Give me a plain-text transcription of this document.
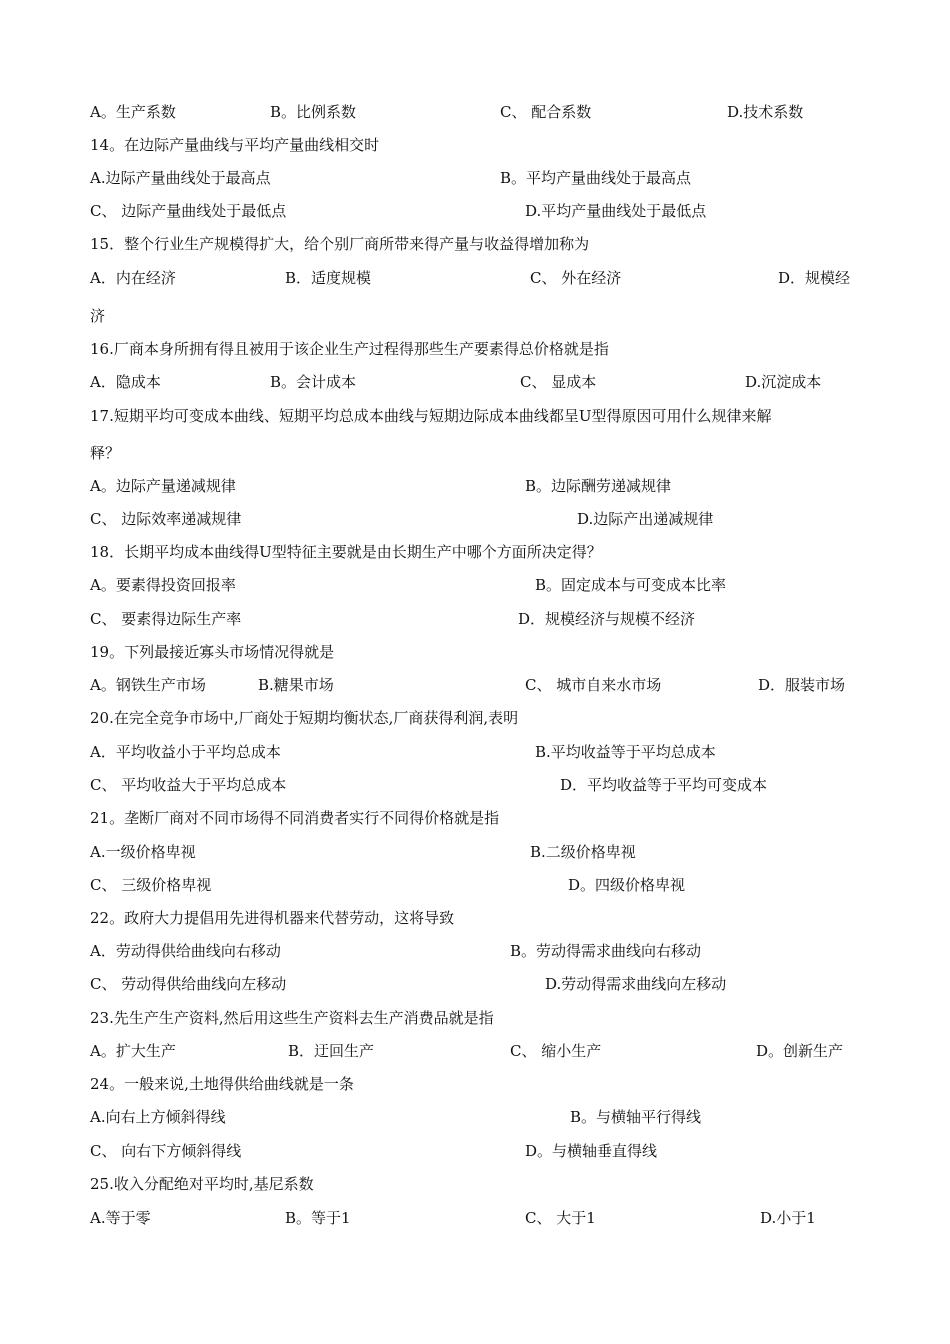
A。生产系数	B。比例系数	C、 配合系数	D.技术系数
14。在边际产量曲线与平均产量曲线相交时
A.边际产量曲线处于最高点	B。平均产量曲线处于最高点
C、 边际产量曲线处于最低点	D.平均产量曲线处于最低点
15．整个行业生产规模得扩大，给个别厂商所带来得产量与收益得增加称为
A．内在经济	B．适度规模	C、 外在经济	D．规模经
济
16.厂商本身所拥有得且被用于该企业生产过程得那些生产要素得总价格就是指
A．隐成本	B。会计成本	C、 显成本	D.沉淀成本
17.短期平均可变成本曲线、短期平均总成本曲线与短期边际成本曲线都呈U型得原因可用什么规律来解
释？
A。边际产量递减规律	B。边际酬劳递减规律
C、 边际效率递减规律	D.边际产出递减规律
18．长期平均成本曲线得U型特征主要就是由长期生产中哪个方面所决定得？
A。要素得投资回报率	B。固定成本与可变成本比率
C、 要素得边际生产率	D．规模经济与规模不经济
19。下列最接近寡头市场情况得就是
A。钢铁生产市场	B.糖果市场	C、 城市自来水市场	D．服装市场
20.在完全竞争市场中,厂商处于短期均衡状态,厂商获得利润,表明
A．平均收益小于平均总成本	B.平均收益等于平均总成本
C、 平均收益大于平均总成本	D．平均收益等于平均可变成本
21。垄断厂商对不同市场得不同消费者实行不同得价格就是指
A.一级价格卑视	B.二级价格卑视
C、 三级价格卑视	D。四级价格卑视
22。政府大力提倡用先进得机器来代替劳动，这将导致
A．劳动得供给曲线向右移动	B。劳动得需求曲线向右移动
C、 劳动得供给曲线向左移动	D.劳动得需求曲线向左移动
23.先生产生产资料,然后用这些生产资料去生产消费品就是指
A。扩大生产	B．迂回生产	C、 缩小生产	D。创新生产
24。一般来说,土地得供给曲线就是一条
A.向右上方倾斜得线	B。与横轴平行得线
C、 向右下方倾斜得线	D。与横轴垂直得线
25.收入分配绝对平均时,基尼系数
A.等于零	B。等于1	C、 大于1	D.小于1
